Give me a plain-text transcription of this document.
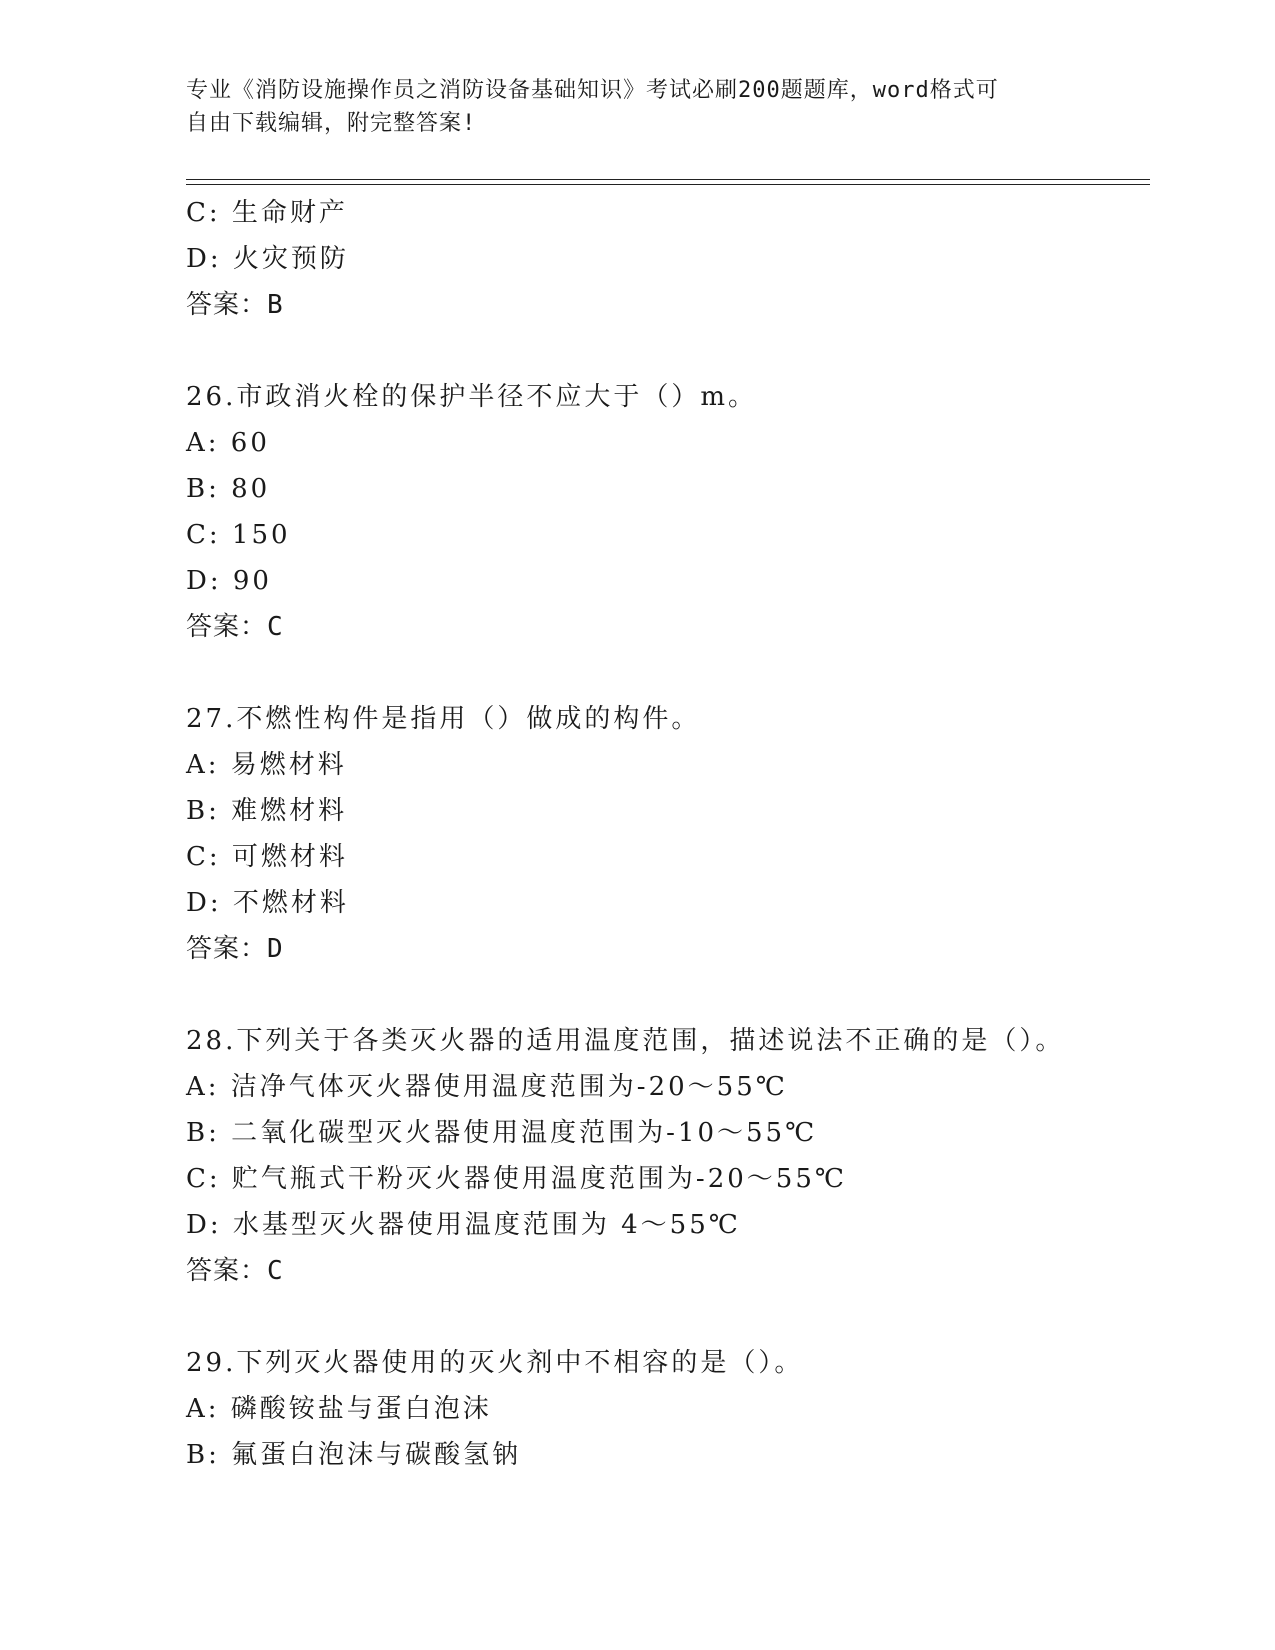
专业《消防设施操作员之消防设备基础知识》考试必刷200题题库，word格式可
自由下载编辑，附完整答案!
C: 生命财产
D: 火灾预防
答案：B
26.市政消火栓的保护半径不应大于（）m。
A: 60
B: 80
C: 150
D: 90
答案：C
27.不燃性构件是指用（）做成的构件。
A: 易燃材料
B: 难燃材料
C: 可燃材料
D: 不燃材料
答案：D
28.下列关于各类灭火器的适用温度范围，描述说法不正确的是（）。
A: 洁净气体灭火器使用温度范围为-20～55℃
B: 二氧化碳型灭火器使用温度范围为-10～55℃
C: 贮气瓶式干粉灭火器使用温度范围为-20～55℃
D: 水基型灭火器使用温度范围为 4～55℃
答案：C
29.下列灭火器使用的灭火剂中不相容的是（）。
A: 磷酸铵盐与蛋白泡沫
B: 氟蛋白泡沫与碳酸氢钠
